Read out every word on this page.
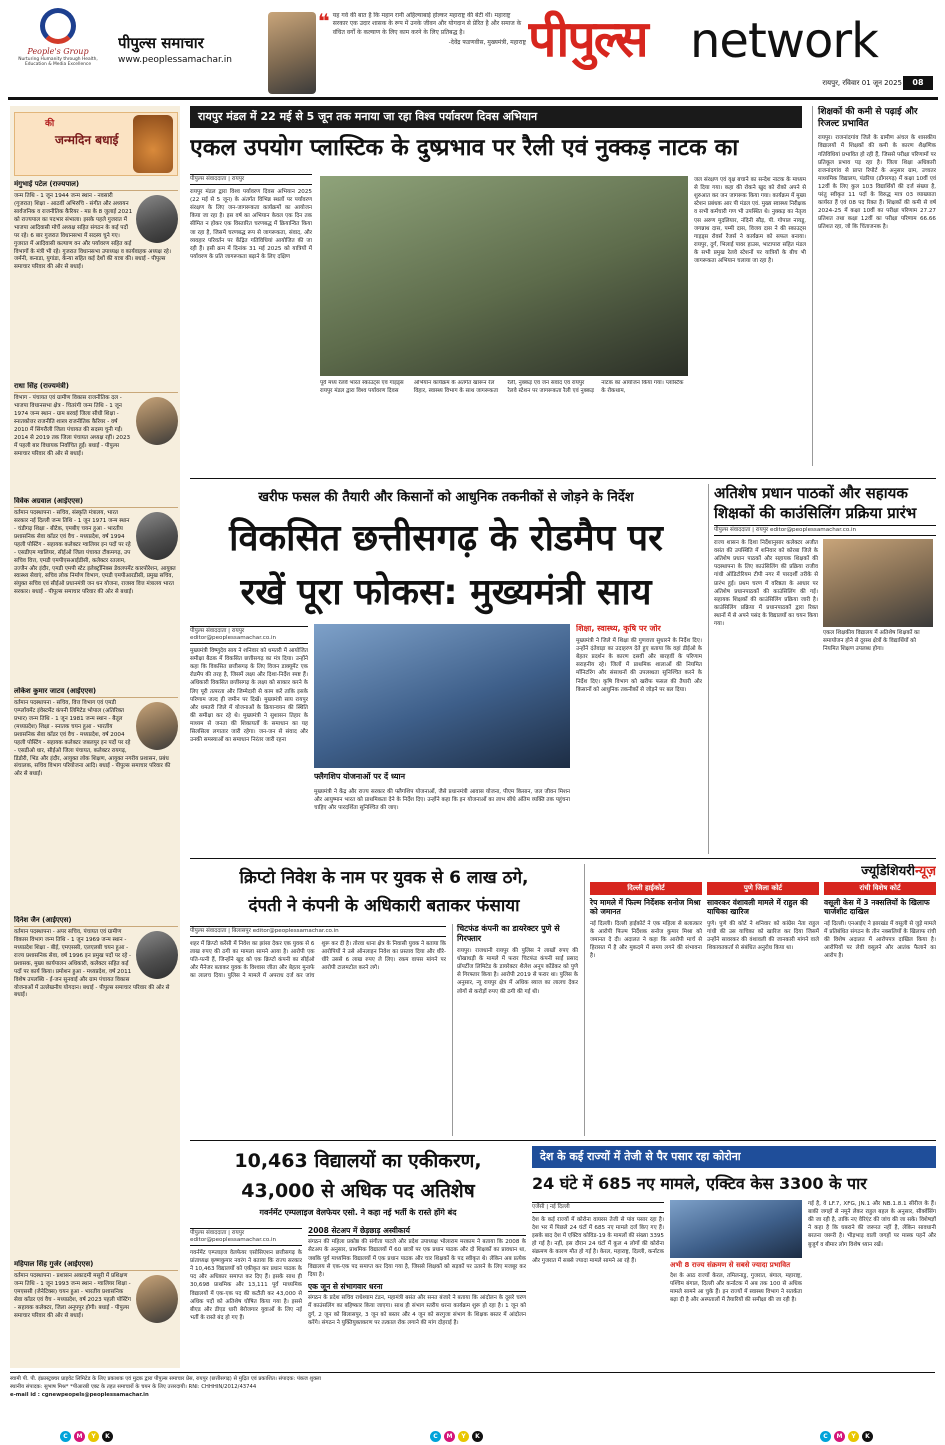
People's Group
Nurturing Humanity through Health, Education & Media Excellence
पीपुल्स समाचार
www.peoplessamachar.in
❝ यह गर्व की बात है कि महान रानी अहिल्याबाई होल्कर महाराष्ट्र की बेटी थीं। महाराष्ट्र सरकार एक उदार शासक के रूप में उनके जीवन और योगदान से प्रेरित है और समाज के वंचित वर्गों के कल्याण के लिए काम करने के लिए प्रतिबद्ध है।
-देवेंद्र फडणवीस, मुख्यमंत्री, महाराष्ट्र पीपुल्स network
रायपुर, रविवार 01 जून 2025	08
की
जन्मदिन बधाई
मंगुभाई पटेल (राज्यपाल)
जन्म तिथि - 1 जून 1944 जन्म स्थान - नवसारी (गुजरात) शिक्षा - आठवीं अभिरुचि - संगीत और अध्ययन सार्वजनिक व राजनीतिक कैरियर - मप्र के 8 जुलाई 2021 को राज्यपाल का पदभार संभाला। इसके पहले गुजरात में भाजपा आदिवासी मोर्चे अध्यक्ष सहित संगठन के कई पदों पर रहे। 6 बार गुजरात विधानसभा में सदस्य चुने गए। गुजरात में आदिवासी कल्याण वन और पर्यावरण सहित कई विभागों के मंत्री भी रहे। गुजरात विधानसभा उपाध्यक्ष व कार्यवाहक अध्यक्ष रहे। जर्मनी, कनाडा, युगांडा, केन्या सहित कई देशों की यात्रा की। बधाई - पीपुल्स समाचार परिवार की ओर से बधाई।
राधा सिंह (राज्यमंत्री)
विभाग - पंचायत एवं ग्रामीण विकास राजनीतिक दल - भाजपा विधानसभा क्षेत्र - चितरंगी जन्म तिथि - 1 जून 1974 जन्म स्थान - ग्राम बरवई जिला सीधी शिक्षा - स्नातकोत्तर राजनीति शास्त्र राजनीतिक कैरियर - वर्ष 2010 में सिंगरौली जिला पंचायत की सदस्य चुनी गईं। 2014 से 2019 तक जिला पंचायत अध्यक्ष रहीं। 2023 में पहली बार विधायक निर्वाचित हुईं। बधाई - पीपुल्स समाचार परिवार की ओर से बधाई।
विवेक अग्रवाल (आईएएस)
वर्तमान पदस्थापना - सचिव, संस्कृति मंत्रालय, भारत सरकार नई दिल्ली जन्म तिथि - 1 जून 1971 जन्म स्थान - चंडीगढ़ शिक्षा - बीटेक, एमबीए चयन हुआ - भारतीय प्रशासनिक सेवा कॉडर एवं वैच - मध्यप्रदेश, वर्ष 1994 पहली पोस्टिंग - सहायक कलेक्टर ग्वालियर इन पदों पर रहे - एसडीएम ग्वालियर, सीईओ जिला पंचायत टीकमगढ़, उप सचिव वित्त, एमडी एमपीएसआईडीसी, कलेक्टर रतलाम, उज्जैन और इंदौर, एमडी एमपी स्टेट इलेक्ट्रॉनिक्स डेवलपमेंट कारपोरेशन, आयुक्त स्वास्थ्य सेवाएं, सचिव लोक निर्माण विभाग, एमडी एमपीआरडीसी, प्रमुख सचिव, संयुक्त सचिव एवं सीईओ प्रधानमंत्री जन धन योजना, राजस्व वित्त मंत्रालय भारत सरकार। बधाई - पीपुल्स समाचार परिवार की ओर से बधाई।
लोकेश कुमार जाटव (आईएएस)
वर्तमान पदस्थापना - सचिव, वित्त विभाग एवं एमडी एम्प्लॉयमेंट इंवेस्टमेंट कंपनी लिमिटेड भोपाल (अतिरिक्त प्रभार) जन्म तिथि - 1 जून 1981 जन्म स्थान - बैतूल (मध्यप्रदेश) शिक्षा - स्नातक चयन हुआ - भारतीय प्रशासनिक सेवा कॉडर एवं वैच - मध्यप्रदेश, वर्ष 2004 पहली पोस्टिंग - सहायक कलेक्टर जबलपुर इन पदों पर रहे - एसडीओ धार, सीईओ जिला पंचायत, कलेक्टर रायगढ़, डिंडोरी, भिंड और इंदौर, आयुक्त लोक शिक्षण, आयुक्त नगरीय प्रशासन, प्रबंध संचालक, सचिव विभाग परियोजना आदि। बधाई - पीपुल्स समाचार परिवार की ओर से बधाई।
दिनेश जैन (आईएएस)
वर्तमान पदस्थापना - अपर सचिव, पंचायत एवं ग्रामीण विकास विभाग जन्म तिथि - 1 जून 1969 जन्म स्थान - मध्यप्रदेश शिक्षा - बीई, एमएससी, एलएलबी चयन हुआ - राज्य प्रशासनिक सेवा, वर्ष 1996 इन प्रमुख पदों पर रहे - प्रशासक, मुख्य कार्यपालन अधिकारी, कलेक्टर सहित कई पदों पर कार्य किया। प्रमोशन हुआ - मध्यप्रदेश, वर्ष 2011 विशेष उपलब्धि - ई-जन सुनवाई और ग्राम पंचायत विकास योजनाओं में उल्लेखनीय योगदान। बधाई - पीपुल्स समाचार परिवार की ओर से बधाई।
महिपाल सिंह गुर्जर (आईएएस)
वर्तमान पदस्थापना - प्रशासन अकादमी मसूरी में प्रशिक्षण जन्म तिथि - 1 जून 1993 जन्म स्थान - ग्वालियर शिक्षा - एमएससी (जेनेटिक्स) चयन हुआ - भारतीय प्रशासनिक सेवा कॉडर एवं वैच - मध्यप्रदेश, वर्ष 2023 पहली पोस्टिंग - सहायक कलेक्टर, जिला अनूपपुर होगी। बधाई - पीपुल्स समाचार परिवार की ओर से बधाई।
रायपुर मंडल में 22 मई से 5 जून तक मनाया जा रहा विश्व पर्यावरण दिवस अभियान
एकल उपयोग प्लास्टिक के दुष्प्रभाव पर रैली एवं नुक्कड़ नाटक का
पीपुल्स संवाददाता | रायपुर
रायपुर मंडल द्वारा विश्व पर्यावरण दिवस अभियान 2025 (22 मई से 5 जून) के अंतर्गत विभिन्न स्थलों पर पर्यावरण संरक्षण के लिए जन-जागरूकता कार्यक्रमों का आयोजन किया जा रहा है। इस वर्ष का अभियान केवल एक दिन तक सीमित न होकर एक विस्तारित चरणबद्ध में क्रियान्वित किया जा रहा है, जिसमें चरणबद्ध रूप से जागरूकता, संवाद, और व्यवहार परिवर्तन पर केंद्रित गतिविधियां आयोजित की जा रही हैं। इसी क्रम में दिनांक 31 मई 2025 को यात्रियों में पर्यावरण के प्रति जागरूकता बढ़ाने के लिए दक्षिण
पूर्व मध्य रेलवे भारत स्काउट्स एवं गाइड्स रायपुर मंडल द्वारा विश्व पर्यावरण दिवस अभियान कार्यक्रम के अंतर्गत खारून रेल विहार, स्वास्थ्य विभाग के साथ जागरूकता रैली, नुक्कड़ एवं जन संवाद एवं रायपुर रेलवे स्टेशन पर जागरूकता रैली एवं नुक्कड़ नाटक का आयोजन किया गया। प्लास्टिक के रोकथाम,
जल संरक्षण एवं वृक्ष बचाने का सन्देश नाटक के माध्यम से दिया गया। कहा की रोकने खुद को रोको अपने से शुरुआत कर जन जागरूक किया गया। कार्यक्रम में मुख्य स्टेशन प्रबंधक आर पी मंडल एवं. मुख्य स्वास्थ्य निरीक्षक व सभी कर्मचारी गण भी उपस्थित थे। नुक्कड़ का नेतृत्व एस अरुण मुदलियार, नंदिनी सौड़, पी. गोपाल नायडू, जगन्नाथ दास, पम्मी दास, विजय दास ने की स्काउट्स गाइड्स रोवर्स रेंजर्स ने कार्यक्रम को सफल बनाया। रायपुर, दुर्ग, भिलाई पावर हाउस, भाटापारा सहित मंडल के सभी प्रमुख रेलवे स्टेशनों पर यात्रियों के बीच भी जागरूकता अभियान चलाया जा रहा है।
शिक्षकों की कमी से पढ़ाई और रिजल्ट प्रभावित
रायपुर। राजनांदगांव जिले के ग्रामीण अंचल के शासकीय विद्यालयों में शिक्षकों की कमी के कारण शैक्षणिक गतिविधियां प्रभावित हो रही हैं, जिससे परीक्षा परिणामों पर प्रतिकूल प्रभाव पड़ रहा है। जिला शिक्षा अधिकारी राजनांदगांव से प्राप्त रिपोर्ट के अनुसार ग्राम, उच्चतर माध्यमिक विद्यालय, पंडरिया (डोंगरगढ़) में कक्षा 10वीं एवं 12वीं के लिए कुल 103 विद्यार्थियों की दर्ज संख्या है, परंतु स्वीकृत 11 पदों के विरुद्ध मात्र 03 व्याख्याता कार्यरत हैं एवं 08 पद रिक्त हैं। शिक्षकों की कमी से वर्ष 2024-25 में कक्षा 10वीं का परीक्षा परिणाम 27.27 प्रतिशत तथा कक्षा 12वीं का परीक्षा परिणाम 66.66 प्रतिशत रहा, जो कि चिंताजनक है।
खरीफ फसल की तैयारी और किसानों को आधुनिक तकनीकों से जोड़ने के निर्देश
विकसित छत्तीसगढ़ के रोडमैप पर
रखें पूरा फोकस: मुख्यमंत्री साय
पीपुल्स संवाददाता | रायपुर
editor@peoplessamachar.co.in
मुख्यमंत्री विष्णुदेव साय ने शनिवार को धमतरी में आयोजित समीक्षा बैठक में विकसित छत्तीसगढ़ का मंत्र दिया। उन्होंने कहा कि विकसित छत्तीसगढ़ के लिए विजन डाक्यूमेंट एक रोडमैप की तरह है, जिसमें लक्ष्य और दिशा-निर्देश स्पष्ट हैं। अधिकारी विकसित छत्तीसगढ़ के लक्ष्य को साकार करने के लिए पूरी तत्परता और जिम्मेदारी से काम करें ताकि इसके परिणाम जल्द ही जमीन पर दिखें। मुख्यमंत्री साय रायपुर और धमतरी जिले में योजनाओं के क्रियान्वयन की स्थिति की समीक्षा कर रहे थे। मुख्यमंत्री ने सुशासन तिहार के माध्यम से जनता की शिकायतों के समाधान का यह सिलसिला लगातार जारी रहेगा। जन-जन से संवाद और उनकी समस्याओं का समाधान निरंतर जारी रहना
फ्लैगशिप योजनाओं पर दें ध्यान
मुख्यमंत्री ने केंद्र और राज्य सरकार की फ्लैगशिप योजनाओं, जैसे प्रधानमंत्री आवास योजना, पीएम किसान, जल जीवन मिशन और आयुष्मान भारत को प्राथमिकता देने के निर्देश दिए। उन्होंने कहा कि इन योजनाओं का लाभ सीधे अंतिम व्यक्ति तक पहुंचना चाहिए और पारदर्शिता सुनिश्चित की जाए।
शिक्षा, स्वास्थ्य, कृषि पर जोर
मुख्यमंत्री ने जिले में शिक्षा की गुणवत्ता सुधारने के निर्देश दिए। उन्होंने दंतेवाड़ा का उदाहरण देते हुए बताया कि वहां डीईओ के बेहतर प्रदर्शन के कारण दसवीं और बारहवीं के परिणाम सराहनीय रहे। जिलों में प्राथमिक शालाओं की नियमित मॉनिटरिंग और संसाधनों की उपलब्धता सुनिश्चित करने के निर्देश दिए। कृषि विभाग को खरीफ फसल की तैयारी और किसानों को आधुनिक तकनीकों से जोड़ने पर बल दिया।
अतिशेष प्रधान पाठकों और सहायक शिक्षकों की काउंसिलिंग प्रक्रिया प्रारंभ
पीपुल्स संवाददाता | रायपुर editor@peoplessamachar.co.in
राज्य शासन के दिशा निर्देशानुसार कलेक्टर अजीत वसंत की उपस्थिति में शनिवार को कोरबा जिले के अतिशेष प्रधान पाठकों और सहायक शिक्षकों की पदस्थापना के लिए काउंसिलिंग की प्रक्रिया राजीव गांधी ऑडिटोरियम टीपी नगर में पारदर्शी तरीके से प्रारंभ हुई। प्रथम चरण में वरिष्ठता के आधार पर अतिशेष प्रधानपाठकों की काउंसिलिंग की गई। सहायक शिक्षकों की काउंसिलिंग प्रक्रिया जारी है। काउंसिलिंग प्रक्रिया में प्रधानपाठकों द्वारा रिक्त स्थानों में से अपने पसंद के विद्यालयों का चयन किया गया।
एकल शिक्षकीय विद्यालय में अतिशेष शिक्षकों का समायोजन होने से दूरस्थ क्षेत्रों के विद्यार्थियों को नियमित शिक्षण उपलब्ध होगा।
क्रिप्टो निवेश के नाम पर युवक से 6 लाख ठगे,
दंपती ने कंपनी के अधिकारी बताकर फंसाया
पीपुल्स संवाददाता | बिलासपुर editor@peoplessamachar.co.in
शहर में क्रिप्टो करेंसी में निवेश का झांसा देकर एक युवक से 6 लाख रुपए की ठगी का मामला सामने आया है। आरोपी एक पति-पत्नी हैं, जिन्होंने खुद को एक क्रिप्टो कंपनी का सीईओ और मैनेजर बताकर युवक के विश्वास जीता और बेहतर मुनाफे का लालच दिया। पुलिस ने मामले में अपराध दर्ज कर जांच शुरू कर दी है। तोरवा थाना क्षेत्र के निवासी युवक ने बताया कि आरोपियों ने उसे ऑनलाइन निवेश का प्रस्ताव दिया और धीरे-धीरे उससे 6 लाख रुपए ले लिए। रकम वापस मांगने पर आरोपी टालमटोल करने लगे।
चिटफंड कंपनी का डायरेक्टर पुणे से गिरफ्तार
रायपुर। राजधानी रायपुर की पुलिस ने लाखों रुपए की धोखाधड़ी के मामले में फरार चिटफंड कंपनी साईं प्रसाद प्रॉपर्टीज लिमिटेड के डायरेक्टर शैलेश अनूप कोंडेकर को पुणे से गिरफ्तार किया है। आरोपी 2019 से फरार था। पुलिस के अनुसार, न्यू रायपुर क्षेत्र में अधिक ब्याज का लालच देकर लोगों से करोड़ों रुपए की ठगी की गई थी।
ज्यूडिशियरीन्यूज़
दिल्ली हाईकोर्ट
रेप मामले में फिल्म निर्देशक सनोज मिश्रा को जमानत
नई दिल्ली। दिल्ली हाईकोर्ट ने एक महिला से बलात्कार के आरोपी फिल्म निर्देशक सनोज कुमार मिश्रा को जमानत दे दी। अदालत ने कहा कि आरोपी मार्च से हिरासत में है और मुकदमे में समय लगने की संभावना है।
पुणे जिला कोर्ट
सावरकर वंशावली मामले में राहुल की याचिका खारिज
पुणे। पुणे की कोर्ट ने शनिवार को कांग्रेस नेता राहुल गांधी की उस याचिका को खारिज कर दिया जिसमें उन्होंने सावरकर की वंशावली की जानकारी मांगने वाले शिकायतकर्ता से संबंधित अनुरोध किया था।
रांची विशेष कोर्ट
वसूली केस में 3 नक्सलियों के खिलाफ चार्जशीट दाखिल
नई दिल्ली। एनआईए ने झारखंड में वसूली से जुड़े मामले में प्रतिबंधित संगठन के तीन नक्सलियों के खिलाफ रांची की विशेष अदालत में आरोपपत्र दाखिल किया है। आरोपियों पर लेवी वसूलने और आतंक फैलाने का आरोप है।
10,463 विद्यालयों का एकीकरण,
43,000 से अधिक पद अतिशेष
गवर्नमेंट एम्पलाइज वेलफेयर एसो. ने कहा नई भर्ती के रास्ते होंगे बंद
पीपुल्स संवाददाता | रायपुर editor@peoplessamachar.co.in
गवर्नमेंट एम्प्लाइज वेलफेयर एसोसिएशन छत्तीसगढ़ के प्रांताध्यक्ष कृष्णकुमार नवरंग ने बताया कि राज्य सरकार ने 10,463 विद्यालयों को एकीकृत कर प्रधान पाठक के पद और अधिकार समाप्त कर दिए हैं। इसके साथ ही 30,698 प्राथमिक और 13,111 पूर्व माध्यमिक विद्यालयों में एक-एक पद की कटौती कर 43,000 से अधिक पदों को अतिशेष घोषित किया गया है। इससे बीएड और डीएड धारी बेरोजगार युवाओं के लिए नई भर्ती के रास्ते बंद हो गए हैं।
2008 सेटअप में छेड़छाड़ अस्वीकार्य
संगठन की महिला प्रकोष्ठ की संगीता पाटले और प्रदेश उपाध्यक्ष भोलाराम मरकाम ने बताया कि 2008 के सेटअप के अनुसार, प्राथमिक विद्यालयों में 60 छात्रों पर एक प्रधान पाठक और दो शिक्षकों का प्रावधान था, जबकि पूर्व माध्यमिक विद्यालयों में एक प्रधान पाठक और चार शिक्षकों के पद स्वीकृत थे। लेकिन अब प्रत्येक विद्यालय से एक-एक पद समाप्त कर दिया गया है, जिससे शिक्षकों को सड़कों पर उतरने के लिए मजबूर कर दिया है।
एक जून से संभागवार धरना
संगठन के प्रदेश सचिव राधेश्याम टंडन, महामंत्री बसंत और सनत बंजारे ने बताया कि आंदोलन के दूसरे चरण में काउंसलिंग का बहिष्कार किया जाएगा। साथ ही संभाग स्तरीय धरना कार्यक्रम शुरू हो रहा है। 1 जून को दुर्ग, 2 जून को बिलासपुर, 3 जून को बस्तर और 4 जून को सरगुजा संभाग के शिक्षक बस्तर में आंदोलन करेंगे। संगठन ने युक्तियुक्तकरण पर तत्काल रोक लगाने की मांग दोहराई है।
देश के कई राज्यों में तेजी से पैर पसार रहा कोरोना
24 घंटे में 685 नए मामले, एक्टिव केस 3300 के पार
एजेंसी | नई दिल्ली
देश के कई राज्यों में कोरोना वायरस तेजी से पांव पसार रहा है। देश भर में पिछले 24 घंटों में 685 नए मामले दर्ज किए गए हैं। इसके बाद देश में एक्टिव कोविड-19 के मामलों की संख्या 3395 हो गई है। नहीं, इस दौरान 24 घंटों में कुल 4 लोगों की कोरोना संक्रमण के कारण मौत हो गई है। केरल, महाराष्ट्र, दिल्ली, कर्नाटक और गुजरात में सबसे ज्यादा मामले सामने आ रहे हैं।
अभी 8 राज्य संक्रमण से सबसे ज्यादा प्रभावित
देश के आठ राज्यों केरल, तमिलनाडु, गुजरात, बंगाल, महाराष्ट्र, पश्चिम बंगाल, दिल्ली और कर्नाटक में अब तक 100 से अधिक मामले सामने आ चुके हैं। इन राज्यों में स्वास्थ्य विभाग ने सतर्कता बढ़ा दी है और अस्पतालों में तैयारियों की समीक्षा की जा रही है।
गई है, वे LF.7, XFG, JN.1 और NB.1.8.1 सीरीज के हैं। बाकी जगहों से नमूने लेकर राहुल बहल के अनुसार, सीक्वेंसिंग की जा रही है, ताकि नए वेरिएंट की जांच की जा सके। विशेषज्ञों ने कहा है कि घबराने की जरूरत नहीं है, लेकिन सावधानी बरतना जरूरी है। भीड़भाड़ वाली जगहों पर मास्क पहनें और बुजुर्ग व बीमार लोग विशेष ध्यान रखें।
स्वामी पी. पी. इंफ्रास्ट्रक्चर प्राइवेट लिमिटेड के लिए प्रकाशक एवं मुद्रक द्वारा पीपुल्स समाचार प्रेस, रायपुर (छत्तीसगढ़) से मुद्रित एवं प्रकाशित। संपादक: पंकज शुक्ला
स्थानीय संपादक: सुभाष मिश्र* *पीआरबी एक्ट के तहत समाचारों के चयन के लिए उत्तरदायी। RNI: CHHHIN/2012/43744
e-mail id : cgnewpeopels@peoplessamachar.in
C	M	Y	K	C	M	Y	K	C	M	Y	K
